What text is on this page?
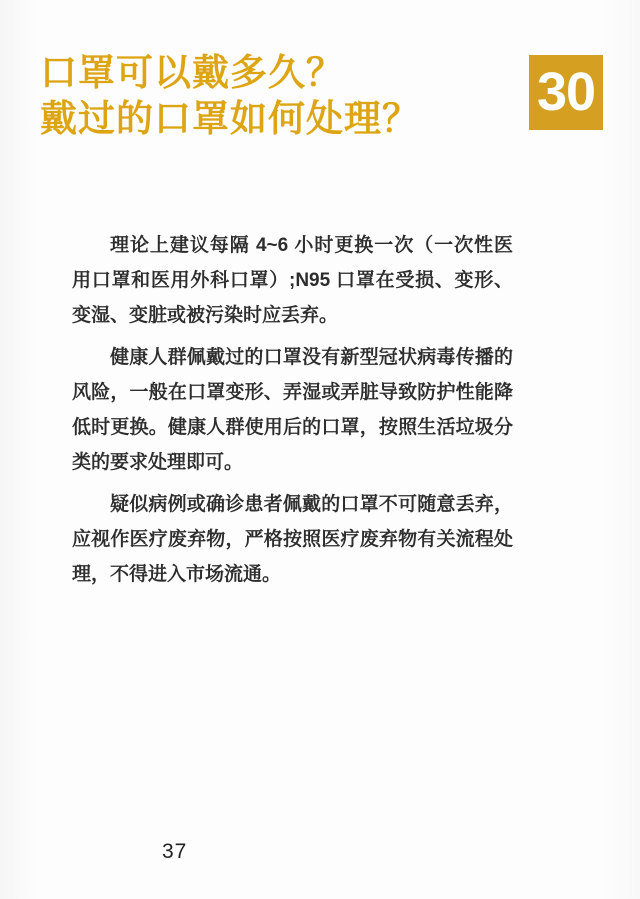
口罩可以戴多久？
戴过的口罩如何处理？	30

理论上建议每隔 4~6 小时更换一次（一次性医用口罩和医用外科口罩）;N95 口罩在受损、变形、变湿、变脏或被污染时应丢弃。

健康人群佩戴过的口罩没有新型冠状病毒传播的风险，一般在口罩变形、弄湿或弄脏导致防护性能降低时更换。健康人群使用后的口罩，按照生活垃圾分类的要求处理即可。

疑似病例或确诊患者佩戴的口罩不可随意丢弃，应视作医疗废弃物，严格按照医疗废弃物有关流程处理，不得进入市场流通。

37
